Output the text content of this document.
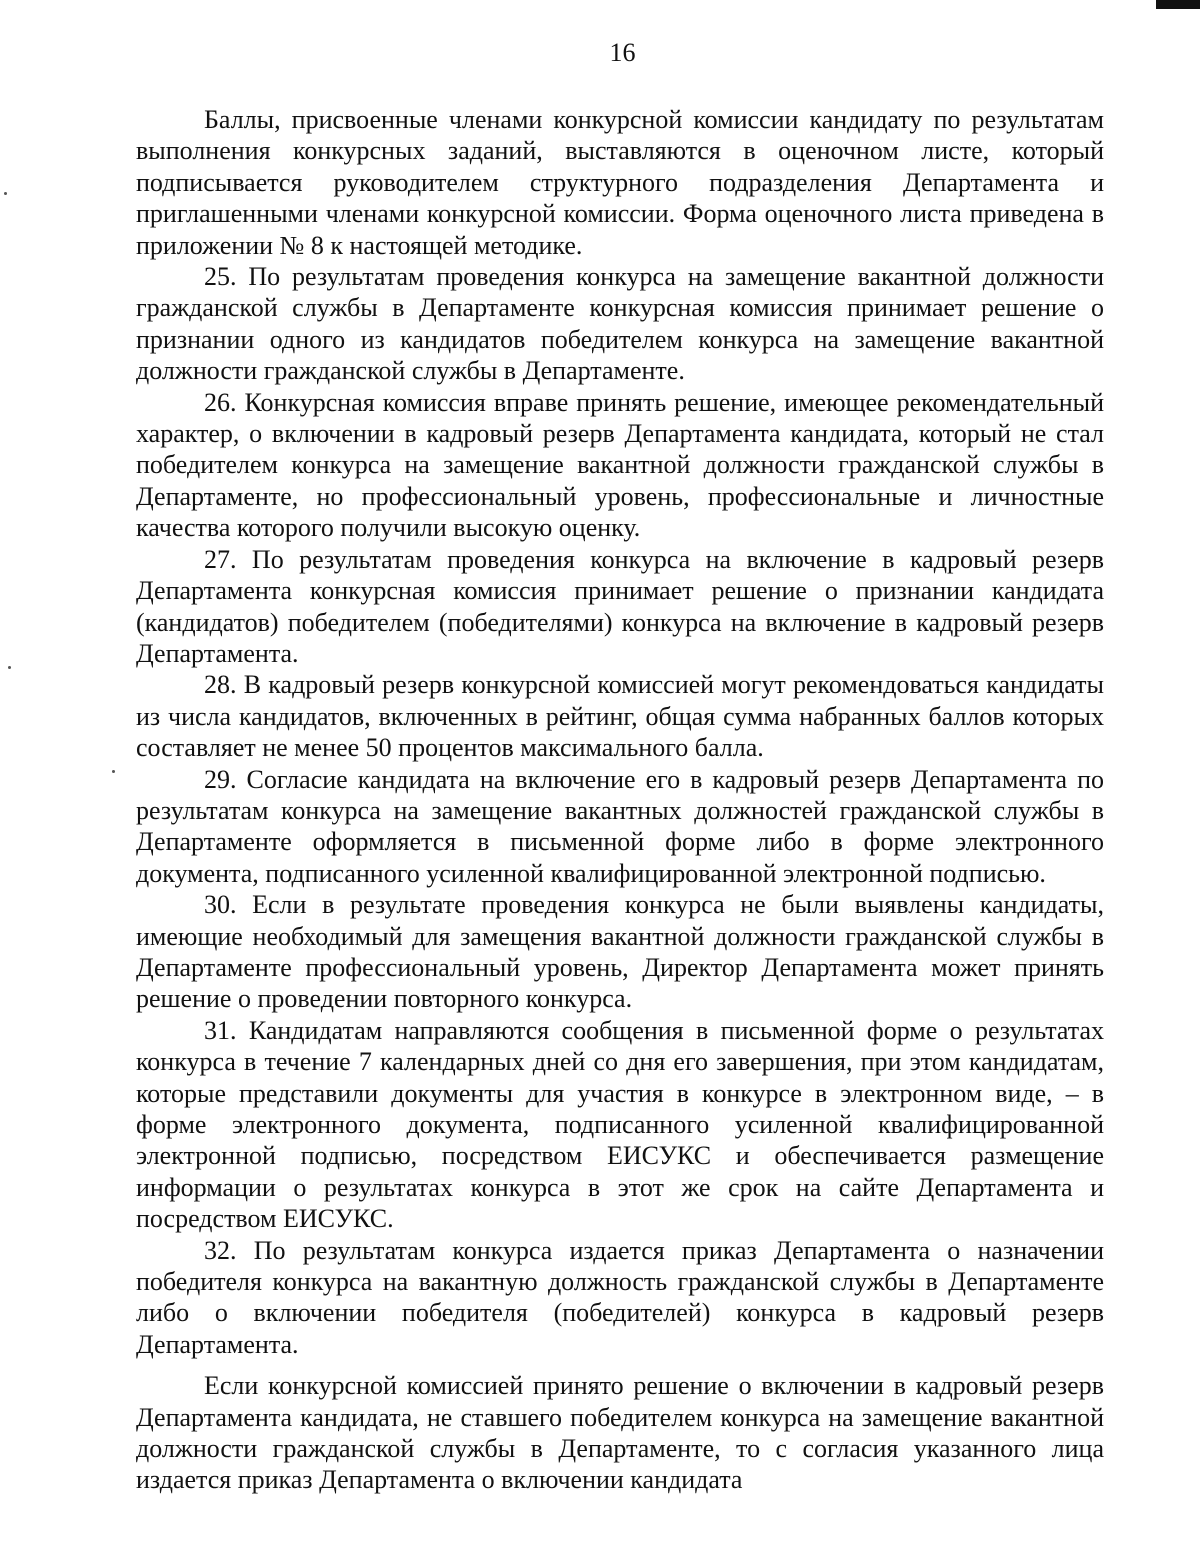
16

Баллы, присвоенные членами конкурсной комиссии кандидату по результатам выполнения конкурсных заданий, выставляются в оценочном листе, который подписывается руководителем структурного подразделения Департамента и приглашенными членами конкурсной комиссии. Форма оценочного листа приведена в приложении № 8 к настоящей методике.

25. По результатам проведения конкурса на замещение вакантной должности гражданской службы в Департаменте конкурсная комиссия принимает решение о признании одного из кандидатов победителем конкурса на замещение вакантной должности гражданской службы в Департаменте.

26. Конкурсная комиссия вправе принять решение, имеющее рекомендательный характер, о включении в кадровый резерв Департамента кандидата, который не стал победителем конкурса на замещение вакантной должности гражданской службы в Департаменте, но профессиональный уровень, профессиональные и личностные качества которого получили высокую оценку.

27. По результатам проведения конкурса на включение в кадровый резерв Департамента конкурсная комиссия принимает решение о признании кандидата (кандидатов) победителем (победителями) конкурса на включение в кадровый резерв Департамента.

28. В кадровый резерв конкурсной комиссией могут рекомендоваться кандидаты из числа кандидатов, включенных в рейтинг, общая сумма набранных баллов которых составляет не менее 50 процентов максимального балла.

29. Согласие кандидата на включение его в кадровый резерв Департамента по результатам конкурса на замещение вакантных должностей гражданской службы в Департаменте оформляется в письменной форме либо в форме электронного документа, подписанного усиленной квалифицированной электронной подписью.

30. Если в результате проведения конкурса не были выявлены кандидаты, имеющие необходимый для замещения вакантной должности гражданской службы в Департаменте профессиональный уровень, Директор Департамента может принять решение о проведении повторного конкурса.

31. Кандидатам направляются сообщения в письменной форме о результатах конкурса в течение 7 календарных дней со дня его завершения, при этом кандидатам, которые представили документы для участия в конкурсе в электронном виде, – в форме электронного документа, подписанного усиленной квалифицированной электронной подписью, посредством ЕИСУКС и обеспечивается размещение информации о результатах конкурса в этот же срок на сайте Департамента и посредством ЕИСУКС.

32. По результатам конкурса издается приказ Департамента о назначении победителя конкурса на вакантную должность гражданской службы в Департаменте либо о включении победителя (победителей) конкурса в кадровый резерв Департамента.

Если конкурсной комиссией принято решение о включении в кадровый резерв Департамента кандидата, не ставшего победителем конкурса на замещение вакантной должности гражданской службы в Департаменте, то с согласия указанного лица издается приказ Департамента о включении кандидата
